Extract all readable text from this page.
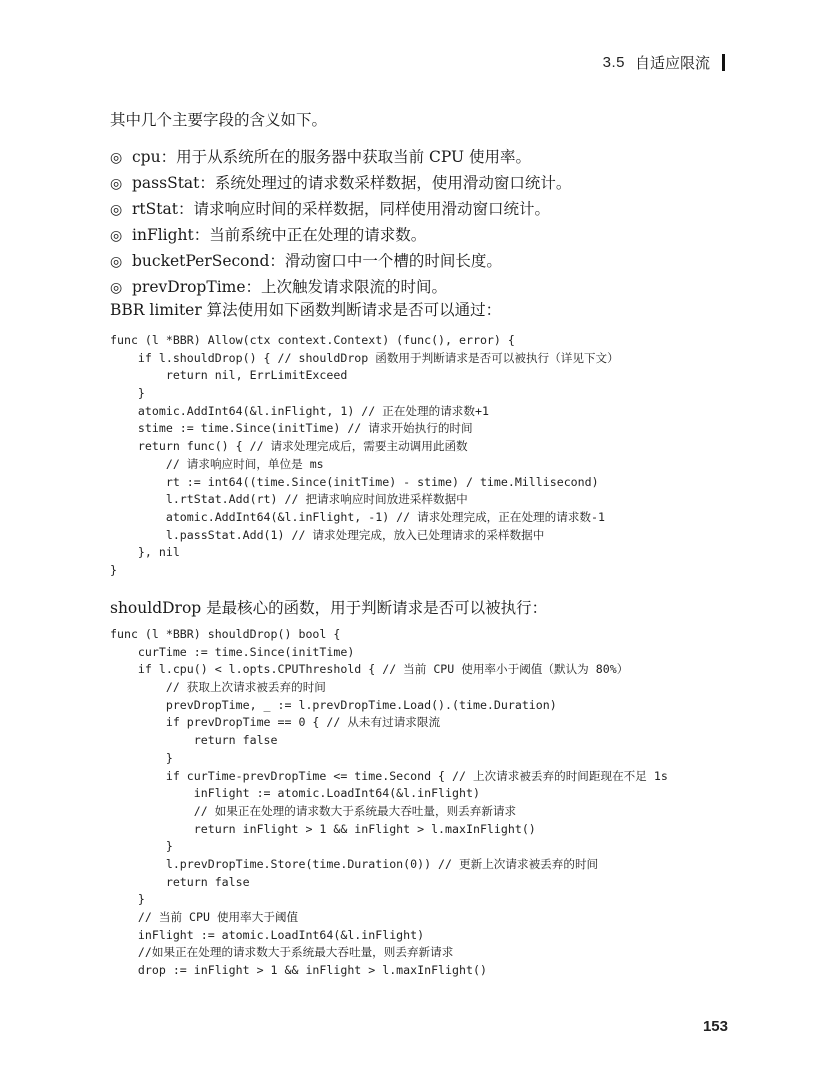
3.5 自适应限流
其中几个主要字段的含义如下。
◎ cpu：用于从系统所在的服务器中获取当前 CPU 使用率。
◎ passStat：系统处理过的请求数采样数据，使用滑动窗口统计。
◎ rtStat：请求响应时间的采样数据，同样使用滑动窗口统计。
◎ inFlight：当前系统中正在处理的请求数。
◎ bucketPerSecond：滑动窗口中一个槽的时间长度。
◎ prevDropTime：上次触发请求限流的时间。
BBR limiter 算法使用如下函数判断请求是否可以通过：
func (l *BBR) Allow(ctx context.Context) (func(), error) {
if l.shouldDrop() { // shouldDrop 函数用于判断请求是否可以被执行（详见下文）
return nil, ErrLimitExceed
}
atomic.AddInt64(&l.inFlight, 1) // 正在处理的请求数+1
stime := time.Since(initTime) // 请求开始执行的时间
return func() { // 请求处理完成后，需要主动调用此函数
// 请求响应时间，单位是 ms
rt := int64((time.Since(initTime) - stime) / time.Millisecond)
l.rtStat.Add(rt) // 把请求响应时间放进采样数据中
atomic.AddInt64(&l.inFlight, -1) // 请求处理完成，正在处理的请求数-1
l.passStat.Add(1) // 请求处理完成，放入已处理请求的采样数据中
}, nil
}
shouldDrop 是最核心的函数，用于判断请求是否可以被执行：
func (l *BBR) shouldDrop() bool {
curTime := time.Since(initTime)
if l.cpu() < l.opts.CPUThreshold { // 当前 CPU 使用率小于阈值（默认为 80%）
// 获取上次请求被丢弃的时间
prevDropTime, _ := l.prevDropTime.Load().(time.Duration)
if prevDropTime == 0 { // 从未有过请求限流
return false
}
if curTime-prevDropTime <= time.Second { // 上次请求被丢弃的时间距现在不足 1s
inFlight := atomic.LoadInt64(&l.inFlight)
// 如果正在处理的请求数大于系统最大吞吐量，则丢弃新请求
return inFlight > 1 && inFlight > l.maxInFlight()
}
l.prevDropTime.Store(time.Duration(0)) // 更新上次请求被丢弃的时间
return false
}
// 当前 CPU 使用率大于阈值
inFlight := atomic.LoadInt64(&l.inFlight)
//如果正在处理的请求数大于系统最大吞吐量，则丢弃新请求
drop := inFlight > 1 && inFlight > l.maxInFlight()
153
